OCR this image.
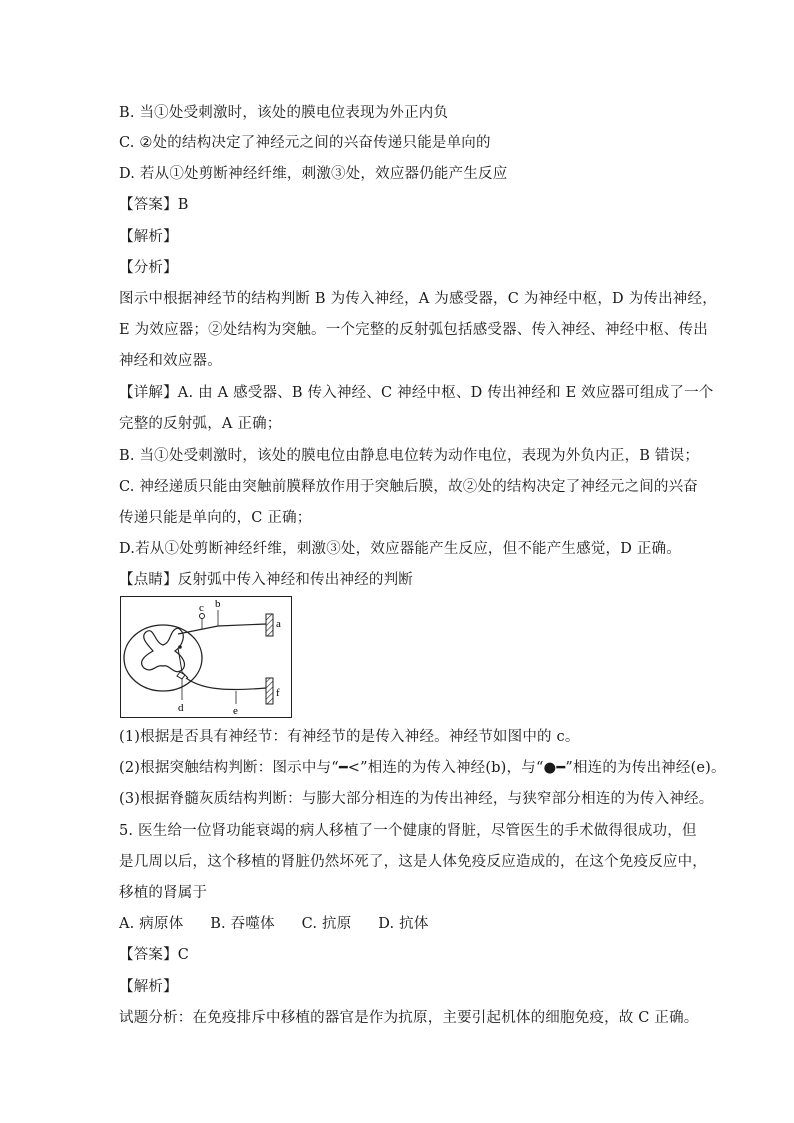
B. 当①处受刺激时，该处的膜电位表现为外正内负
C. ②处的结构决定了神经元之间的兴奋传递只能是单向的
D. 若从①处剪断神经纤维，刺激③处，效应器仍能产生反应
【答案】B
【解析】
【分析】
图示中根据神经节的结构判断 B 为传入神经，A 为感受器，C 为神经中枢，D 为传出神经，
E 为效应器；②处结构为突触。一个完整的反射弧包括感受器、传入神经、神经中枢、传出
神经和效应器。
【详解】A. 由 A 感受器、B 传入神经、C 神经中枢、D 传出神经和 E 效应器可组成了一个
完整的反射弧，A 正确；
B. 当①处受刺激时，该处的膜电位由静息电位转为动作电位，表现为外负内正，B 错误；
C. 神经递质只能由突触前膜释放作用于突触后膜，故②处的结构决定了神经元之间的兴奋
传递只能是单向的，C 正确；
D.若从①处剪断神经纤维，刺激③处，效应器能产生反应，但不能产生感觉，D 正确。
【点睛】反射弧中传入神经和传出神经的判断
c b
a
f
d	e
(1)根据是否具有神经节：有神经节的是传入神经。神经节如图中的 c。
(2)根据突触结构判断：图示中与“━<”相连的为传入神经(b)，与“●━”相连的为传出神经(e)。
(3)根据脊髓灰质结构判断：与膨大部分相连的为传出神经，与狭窄部分相连的为传入神经。
5. 医生给一位肾功能衰竭的病人移植了一个健康的肾脏，尽管医生的手术做得很成功，但
是几周以后，这个移植的肾脏仍然坏死了，这是人体免疫反应造成的，在这个免疫反应中，
移植的肾属于
A. 病原体 B. 吞噬体 C. 抗原 D. 抗体
【答案】C
【解析】
试题分析：在免疫排斥中移植的器官是作为抗原，主要引起机体的细胞免疫，故 C 正确。
